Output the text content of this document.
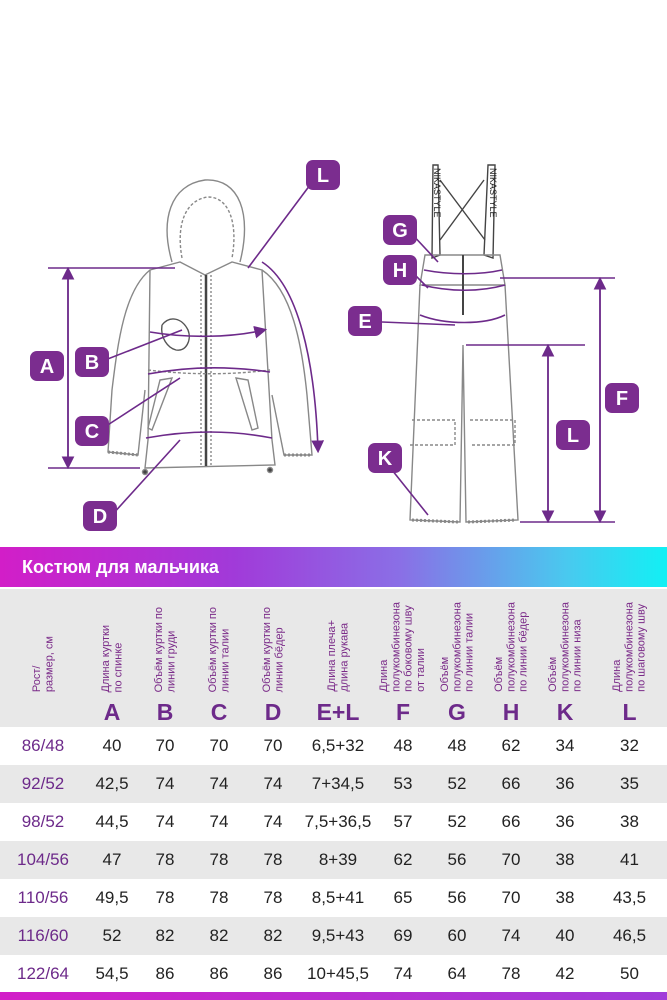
NIKASTYLE	NIKASTYLE
L
A B
C
D
G
H
E
F
L
K
Костюм для мальчика
Рост/
размер, см	Длина куртки
по спинке	Объём куртки по
линии груди	Объём куртки по
линии талии	Объём куртки по
линии бёдер	Длина плеча+
длина рукава	Длина
полукомбинезона
по боковому шву
от талии	Объём
полукомбинезона
по линии талии	Объём
полукомбинезона
по линии бёдер	Объём
полукомбинезона
по линии низа	Длина
полукомбинезона
по шаговому шву
	A	B	C	D	E+L	F	G	H	K	L
86/48	40	70	70	70	6,5+32	48	48	62	34	32
92/52	42,5	74	74	74	7+34,5	53	52	66	36	35
98/52	44,5	74	74	74	7,5+36,5	57	52	66	36	38
104/56	47	78	78	78	8+39	62	56	70	38	41
110/56	49,5	78	78	78	8,5+41	65	56	70	38	43,5
116/60	52	82	82	82	9,5+43	69	60	74	40	46,5
122/64	54,5	86	86	86	10+45,5	74	64	78	42	50
